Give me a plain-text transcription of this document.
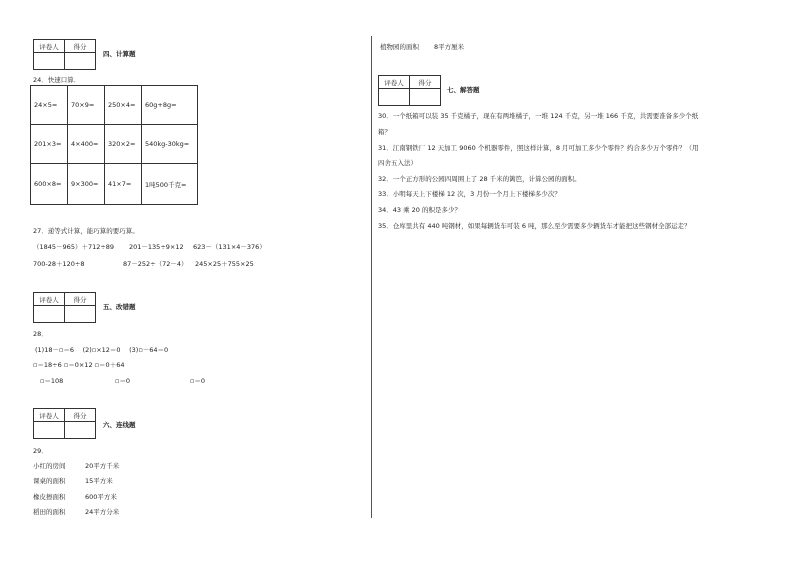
评卷人	得分

四、计算题
24．快速口算．
24×5=	70×9=	250×4=	60g+8g=
201×3=	4×400=	320×2=	540kg-30kg=
600×8=	9×300=	41×7=	1吨500千克=
27．递等式计算，能巧算的要巧算。
（1845－965）＋712÷89 201－135÷9×12 623－（131×4－376）
700-28＋120÷8	87－252÷（72－4） 245×25＋755×25
评卷人	得分

五、改错题
28．
(1)18－▫＝6　 (2)▫×12＝0　 (3)▫－64＝0
▫＝18÷6 ▫＝0×12 ▫＝0＋64
▫＝108	▫＝0	▫＝0
评卷人	得分

六、连线题
29．
小红的房间	20平方千米
课桌的面积	15平方米
橡皮擦面积	600平方米
稻田的面积	24平方分米
植物园的面积 8平方厘米
评卷人	得分

七、解答题
30．一个纸箱可以装 35 千克橘子，现在有两堆橘子，一堆 124 千克，另一堆 166 千克，共需要准备多少个纸
箱？
31．江南钢铁厂 12 天加工 9060 个机器零件，照这样计算，8 月可加工多少个零件？约合多少万个零件？（用
四舍五入法）
32．一个正方形的公园四周围上了 28 千米的篱笆，计算公园的面积。
33．小明每天上下楼梯 12 次，3 月份一个月上下楼梯多少次？
34．43 乘 20 的积是多少？
35．仓库里共有 440 吨钢材，如果每辆货车可装 6 吨，那么至少需要多少辆货车才能把这些钢材全部运走？
